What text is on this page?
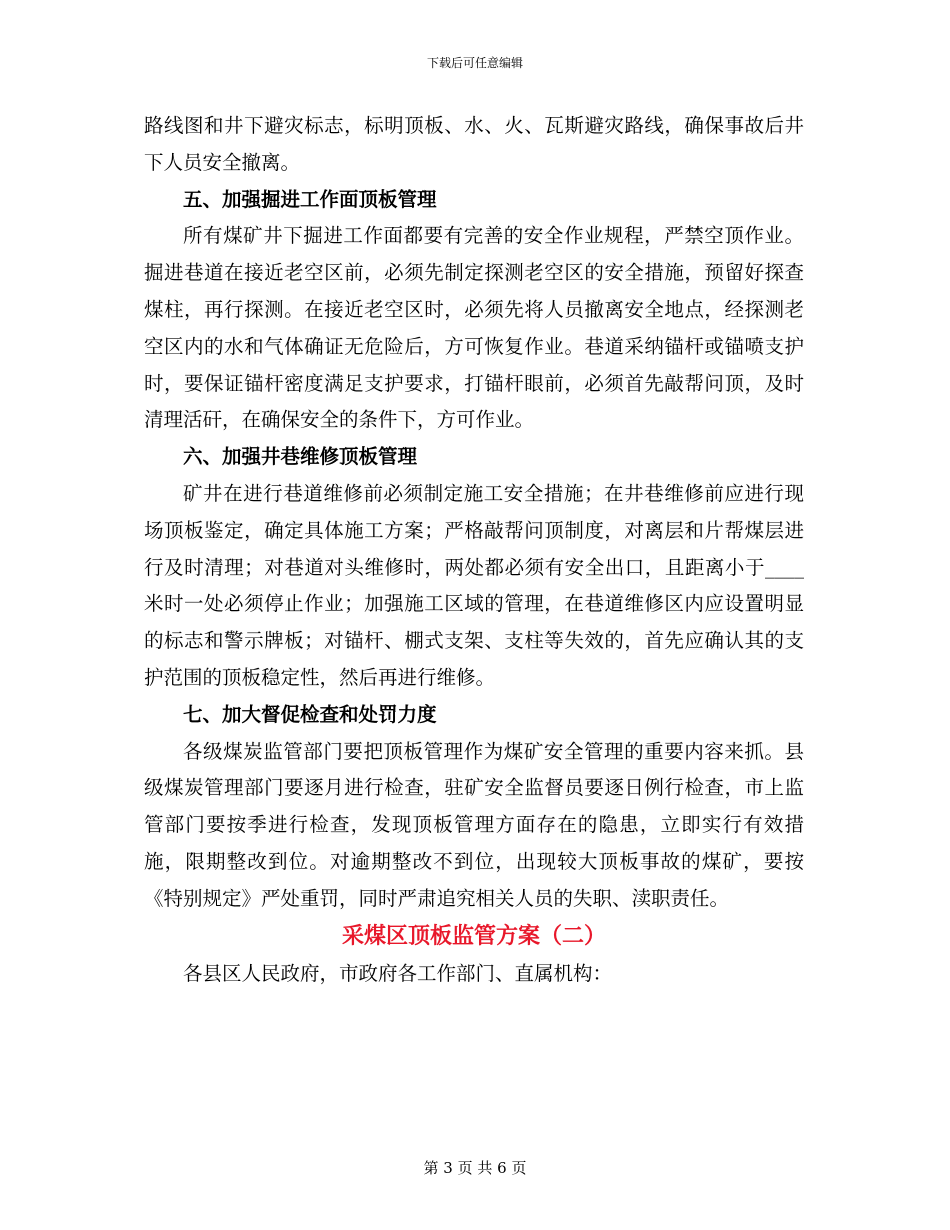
下载后可任意编辑

路线图和井下避灾标志，标明顶板、水、火、瓦斯避灾路线，确保事故后井下人员安全撤离。

五、加强掘进工作面顶板管理

所有煤矿井下掘进工作面都要有完善的安全作业规程，严禁空顶作业。掘进巷道在接近老空区前，必须先制定探测老空区的安全措施，预留好探查煤柱，再行探测。在接近老空区时，必须先将人员撤离安全地点，经探测老空区内的水和气体确证无危险后，方可恢复作业。巷道采纳锚杆或锚喷支护时，要保证锚杆密度满足支护要求，打锚杆眼前，必须首先敲帮问顶，及时清理活矸，在确保安全的条件下，方可作业。

六、加强井巷维修顶板管理

矿井在进行巷道维修前必须制定施工安全措施；在井巷维修前应进行现场顶板鉴定，确定具体施工方案；严格敲帮问顶制度，对离层和片帮煤层进行及时清理；对巷道对头维修时，两处都必须有安全出口，且距离小于____米时一处必须停止作业；加强施工区域的管理，在巷道维修区内应设置明显的标志和警示牌板；对锚杆、棚式支架、支柱等失效的，首先应确认其的支护范围的顶板稳定性，然后再进行维修。

七、加大督促检查和处罚力度

各级煤炭监管部门要把顶板管理作为煤矿安全管理的重要内容来抓。县级煤炭管理部门要逐月进行检查，驻矿安全监督员要逐日例行检查，市上监管部门要按季进行检查，发现顶板管理方面存在的隐患，立即实行有效措施，限期整改到位。对逾期整改不到位，出现较大顶板事故的煤矿，要按《特别规定》严处重罚，同时严肃追究相关人员的失职、渎职责任。

采煤区顶板监管方案（二）

各县区人民政府，市政府各工作部门、直属机构：

第 3 页 共 6 页
